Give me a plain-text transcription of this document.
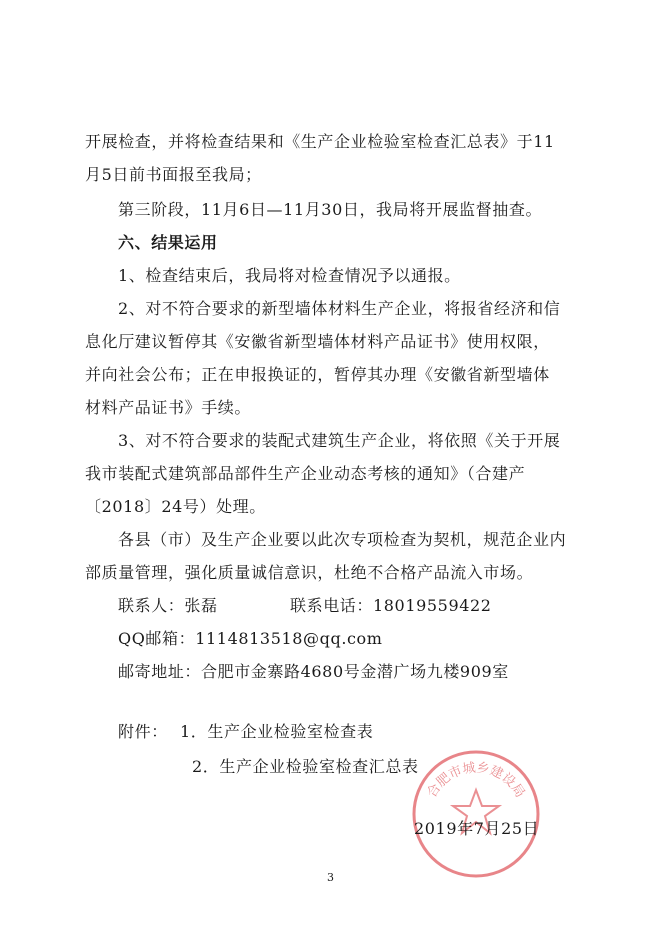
开展检查，并将检查结果和《生产企业检验室检查汇总表》于11
月5日前书面报至我局；
第三阶段，11月6日—11月30日，我局将开展监督抽查。
六、结果运用
1、检查结束后，我局将对检查情况予以通报。
2、对不符合要求的新型墙体材料生产企业，将报省经济和信
息化厅建议暂停其《安徽省新型墙体材料产品证书》使用权限，
并向社会公布；正在申报换证的，暂停其办理《安徽省新型墙体
材料产品证书》手续。
3、对不符合要求的装配式建筑生产企业，将依照《关于开展
我市装配式建筑部品部件生产企业动态考核的通知》（合建产
〔2018〕24号）处理。
各县（市）及生产企业要以此次专项检查为契机，规范企业内
部质量管理，强化质量诚信意识，杜绝不合格产品流入市场。
联系人：张磊	联系电话：18019559422
QQ邮箱：1114813518@qq.com
邮寄地址：合肥市金寨路4680号金潜广场九楼909室
附件： 1．生产企业检验室检查表
2．生产企业检验室检查汇总表
合肥市城乡建设局
2019年7月25日
3
